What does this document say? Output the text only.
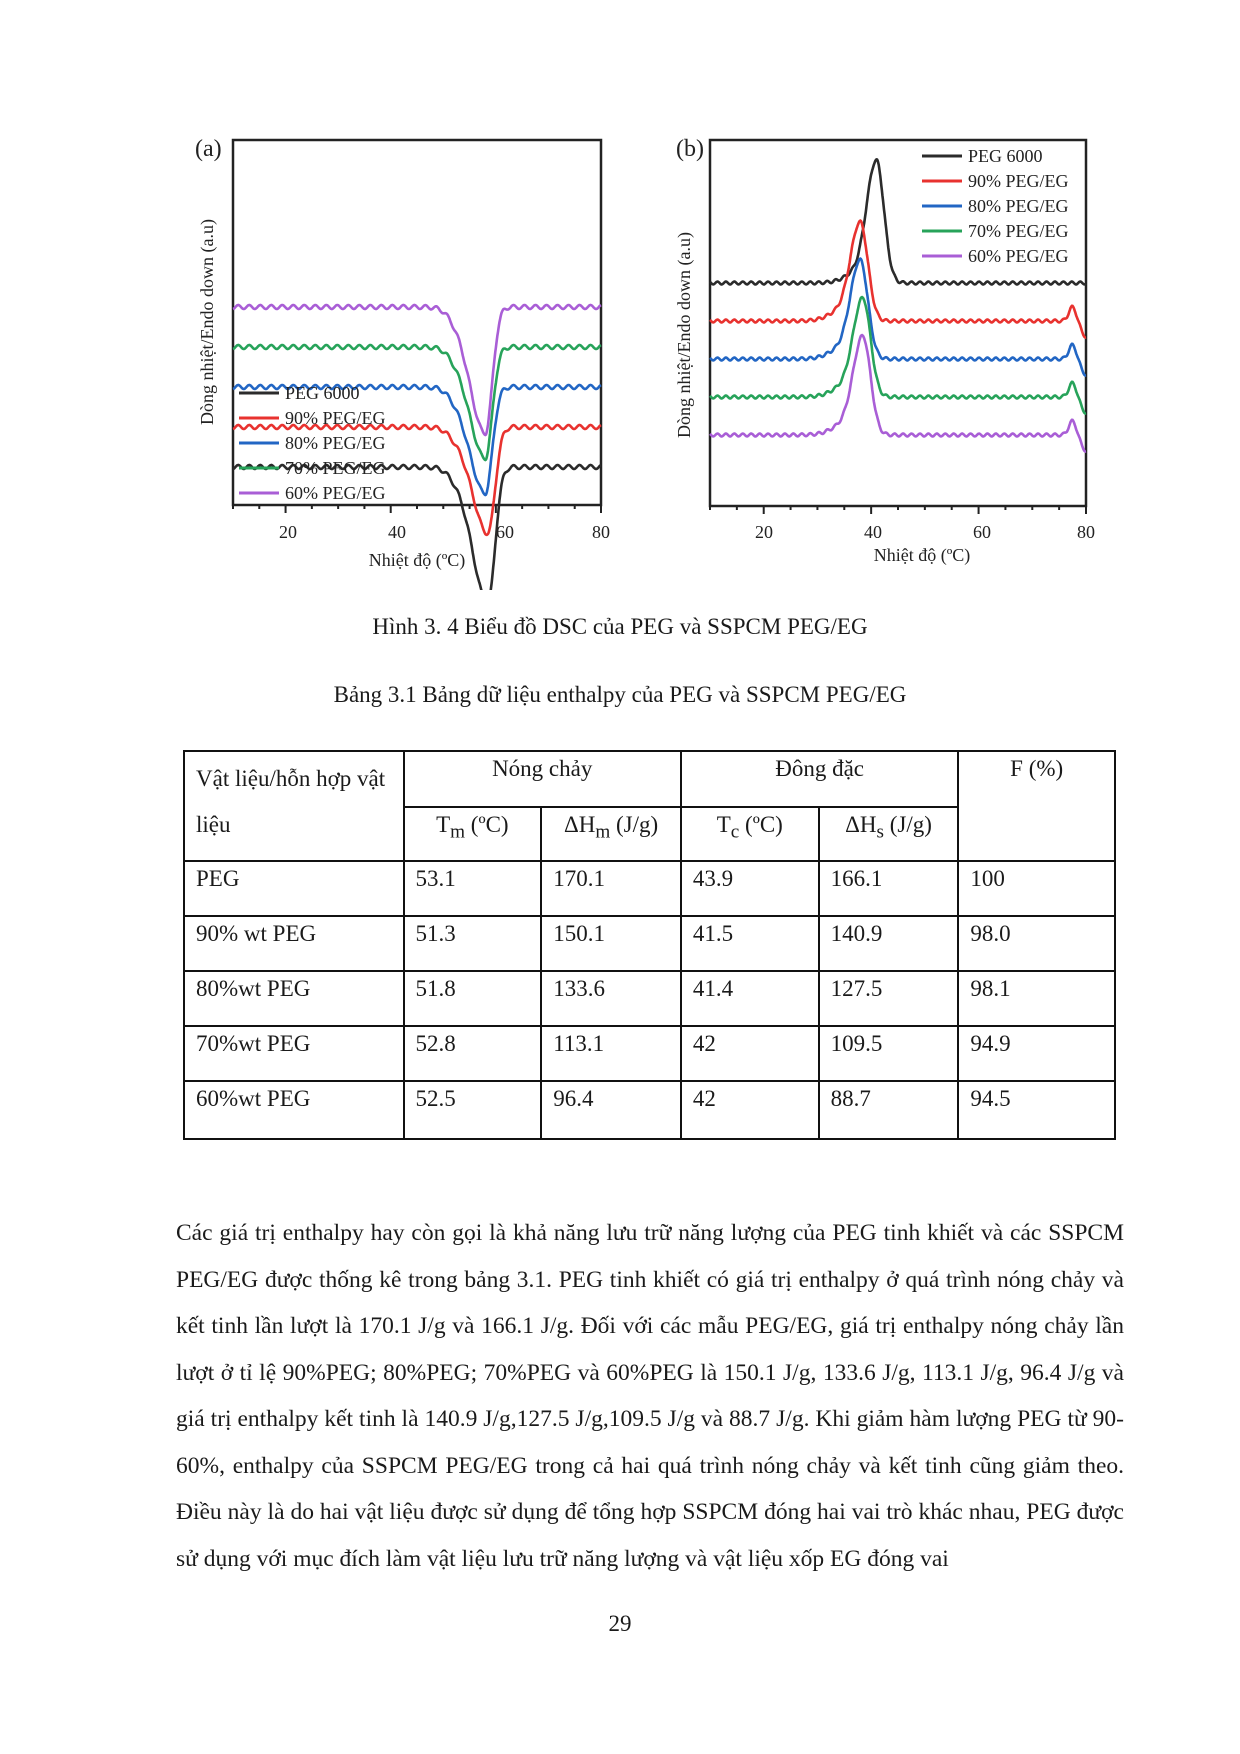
(a)
Dòng nhiệt/Endo down (a.u)
20	40	60	80
Nhiệt độ (ºC)
PEG 6000
90% PEG/EG
80% PEG/EG
70% PEG/EG
60% PEG/EG
(b)
Dòng nhiệt/Endo down (a.u)
20	40	60	80
Nhiệt độ (ºC)
PEG 6000
90% PEG/EG
80% PEG/EG
70% PEG/EG
60% PEG/EG
Hình 3. 4 Biểu đồ DSC của PEG và SSPCM PEG/EG
Bảng 3.1 Bảng dữ liệu enthalpy của PEG và SSPCM PEG/EG
Vật liệu/hỗn hợp vật liệu	Nóng chảy		Đông đặc		F (%)
	$T_m$ (ºC)	$\Delta H_m$ (J/g)	$T_c$ (ºC)	$\Delta H_s$ (J/g)	
PEG	53.1	170.1	43.9	166.1	100
90% wt PEG	51.3	150.1	41.5	140.9	98.0
80%wt PEG	51.8	133.6	41.4	127.5	98.1
70%wt PEG	52.8	113.1	42	109.5	94.9
60%wt PEG	52.5	96.4	42	88.7	94.5
Các giá trị enthalpy hay còn gọi là khả năng lưu trữ năng lượng của PEG tinh khiết và các SSPCM PEG/EG được thống kê trong bảng 3.1. PEG tinh khiết có giá trị enthalpy ở quá trình nóng chảy và kết tinh lần lượt là 170.1 J/g và 166.1 J/g. Đối với các mẫu PEG/EG, giá trị enthalpy nóng chảy lần lượt ở tỉ lệ 90%PEG; 80%PEG; 70%PEG và 60%PEG là 150.1 J/g, 133.6 J/g, 113.1 J/g, 96.4 J/g và giá trị enthalpy kết tinh là 140.9 J/g,127.5 J/g,109.5 J/g và 88.7 J/g. Khi giảm hàm lượng PEG từ 90-60%, enthalpy của SSPCM PEG/EG trong cả hai quá trình nóng chảy và kết tinh cũng giảm theo. Điều này là do hai vật liệu được sử dụng để tổng hợp SSPCM đóng hai vai trò khác nhau, PEG được sử dụng với mục đích làm vật liệu lưu trữ năng lượng và vật liệu xốp EG đóng vai
29
